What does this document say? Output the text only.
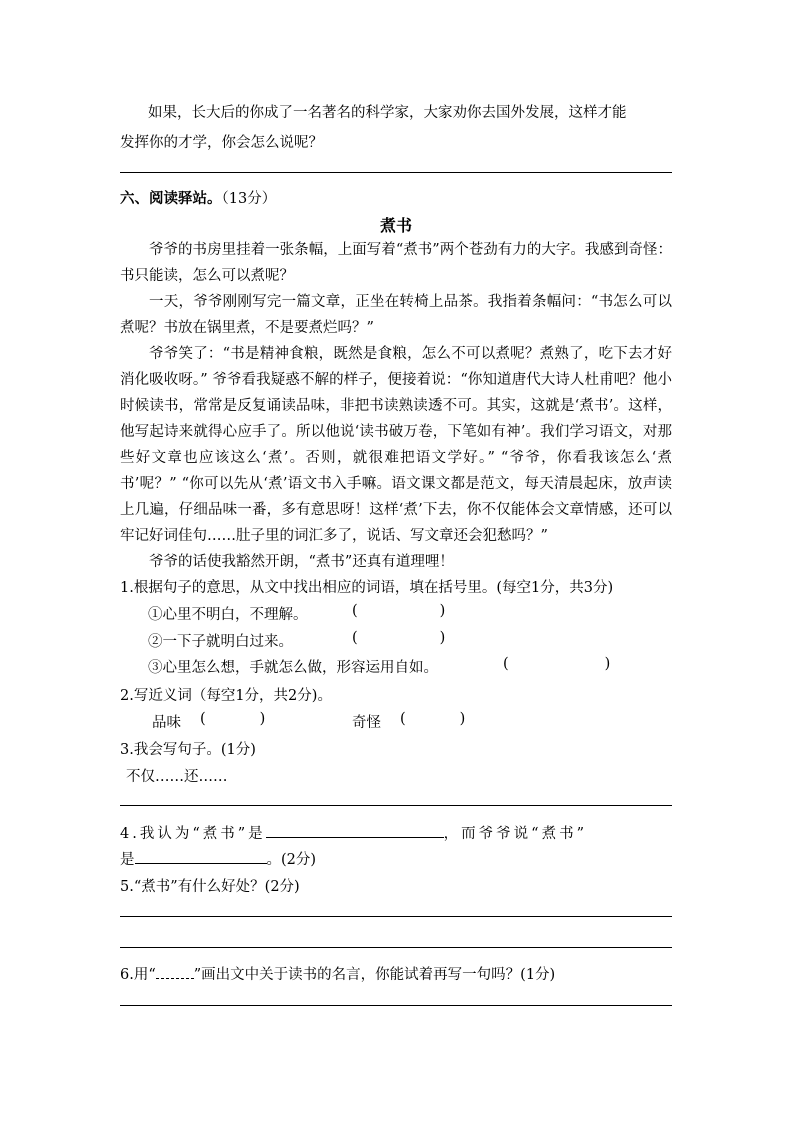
如果，长大后的你成了一名著名的科学家，大家劝你去国外发展，这样才能
发挥你的才学，你会怎么说呢？
六、阅读驿站。（13分）
煮书
爷爷的书房里挂着一张条幅，上面写着“煮书”两个苍劲有力的大字。我感到奇怪：书只能读，怎么可以煮呢？
一天，爷爷刚刚写完一篇文章，正坐在转椅上品茶。我指着条幅问：“书怎么可以煮呢？书放在锅里煮，不是要煮烂吗？”
爷爷笑了：“书是精神食粮，既然是食粮，怎么不可以煮呢？煮熟了，吃下去才好消化吸收呀。” 爷爷看我疑惑不解的样子，便接着说：“你知道唐代大诗人杜甫吧？他小时候读书，常常是反复诵读品味，非把书读熟读透不可。其实，这就是‘煮书’。这样，他写起诗来就得心应手了。所以他说‘读书破万卷，下笔如有神’。我们学习语文，对那些好文章也应该这么‘煮’。否则，就很难把语文学好。” “爷爷，你看我该怎么‘煮书’呢？” “你可以先从‘煮’语文书入手嘛。语文课文都是范文，每天清晨起床，放声读上几遍，仔细品味一番，多有意思呀！这样‘煮’下去，你不仅能体会文章情感，还可以牢记好词佳句……肚子里的词汇多了，说话、写文章还会犯愁吗？”
爷爷的话使我豁然开朗，“煮书”还真有道理哩！
1.根据句子的意思，从文中找出相应的词语，填在括号里。(每空1分，共3分)
①心里不明白，不理解。	(	)
②一下子就明白过来。	(	)
③心里怎么想，手就怎么做，形容运用自如。	(	)
2.写近义词（每空1分，共2分)。
品味 (	)	奇怪 (	)
3.我会写句子。(1分)
不仅……还……
4.我认为“煮书”是	，而爷爷说“煮书”
是	。(2分)
5.“煮书”有什么好处？(2分)
6.用“	”画出文中关于读书的名言，你能试着再写一句吗？(1分)
